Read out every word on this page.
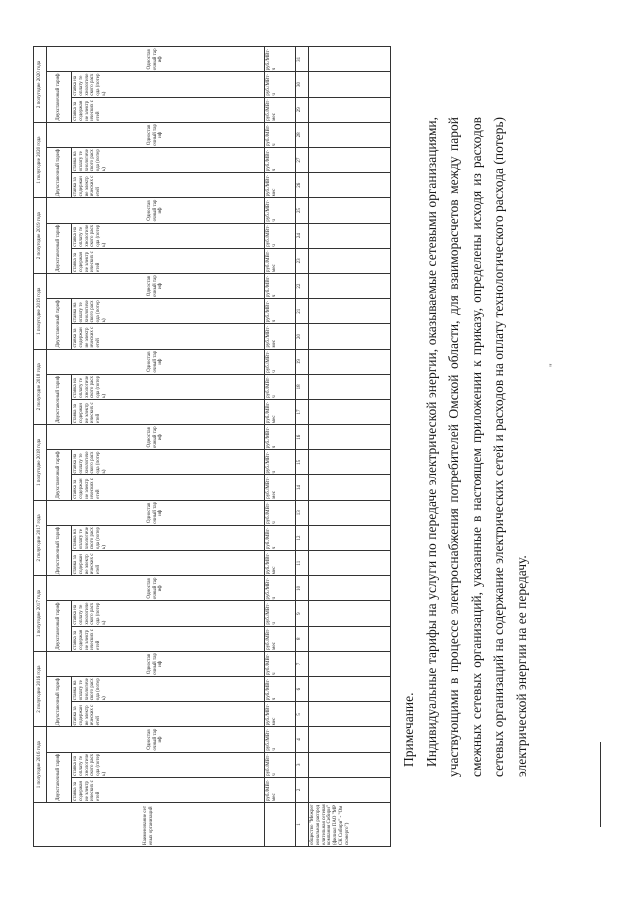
Наименование сетевых организаций	1 полугодие 2016 года			2 полугодие 2016 года			1 полугодие 2017 года			2 полугодие 2017 года			1 полугодие 2018 года			2 полугодие 2018 года			1 полугодие 2019 года			2 полугодие 2019 года			1 полугодие 2020 года			2 полугодие 2020 года		
	Двухставочный тариф		Одноставочный тариф	Двухставочный тариф		Одноставочный тариф	Двухставочный тариф		Одноставочный тариф	Двухставочный тариф		Одноставочный тариф	Двухставочный тариф		Одноставочный тариф	Двухставочный тариф		Одноставочный тариф	Двухставочный тариф		Одноставочный тариф	Двухставочный тариф		Одноставочный тариф	Двухставочный тариф		Одноставочный тариф	Двухставочный тариф		Одноставочный тариф
	ставка за содержание электрических сетей	ставка на оплату технологического расхода (потерь)		ставка за содержание электрических сетей	ставка на оплату технологического расхода (потерь)		ставка за содержание электрических сетей	ставка на оплату технологического расхода (потерь)		ставка за содержание электрических сетей	ставка на оплату технологического расхода (потерь)		ставка за содержание электрических сетей	ставка на оплату технологического расхода (потерь)		ставка за содержание электрических сетей	ставка на оплату технологического расхода (потерь)		ставка за содержание электрических сетей	ставка на оплату технологического расхода (потерь)		ставка за содержание электрических сетей	ставка на оплату технологического расхода (потерь)		ставка за содержание электрических сетей	ставка на оплату технологического расхода (потерь)		ставка за содержание электрических сетей	ставка на оплату технологического расхода (потерь)	
	руб./МВт·мес	руб./МВт·ч	руб./МВт·ч	руб./МВт·мес	руб./МВт·ч	руб./МВт·ч	руб./МВт·мес	руб./МВт·ч	руб./МВт·ч	руб./МВт·мес	руб./МВт·ч	руб./МВт·ч	руб./МВт·мес	руб./МВт·ч	руб./МВт·ч	руб./МВт·мес	руб./МВт·ч	руб./МВт·ч	руб./МВт·мес	руб./МВт·ч	руб./МВт·ч	руб./МВт·мес	руб./МВт·ч	руб./МВт·ч	руб./МВт·мес	руб./МВт·ч	руб./МВт·ч	руб./МВт·мес	руб./МВт·ч	руб./МВт·ч
1	2	3	4	5	6	7	8	9	10	11	12	13	14	15	16	17	18	19	20	21	22	23	24	25	26	27	28	29	30	31
общество "Межрегиональная распределительная сетевая компания Сибири" (филиал ПАО "МРСК Сибири" - "Омскэнерго")																														
Примечание. Индивидуальные тарифы на услуги по передаче электрической энергии, оказываемые сетевыми организациями, участвующими в процессе электроснабжения потребителей Омской области, для взаиморасчетов между парой смежных сетевых организаций, указанные в настоящем приложении к приказу, определены исходя из расходов сетевых организаций на содержание электрических сетей и расходов на оплату технологического расхода (потерь) электрической энергии на ее передачу.
"
